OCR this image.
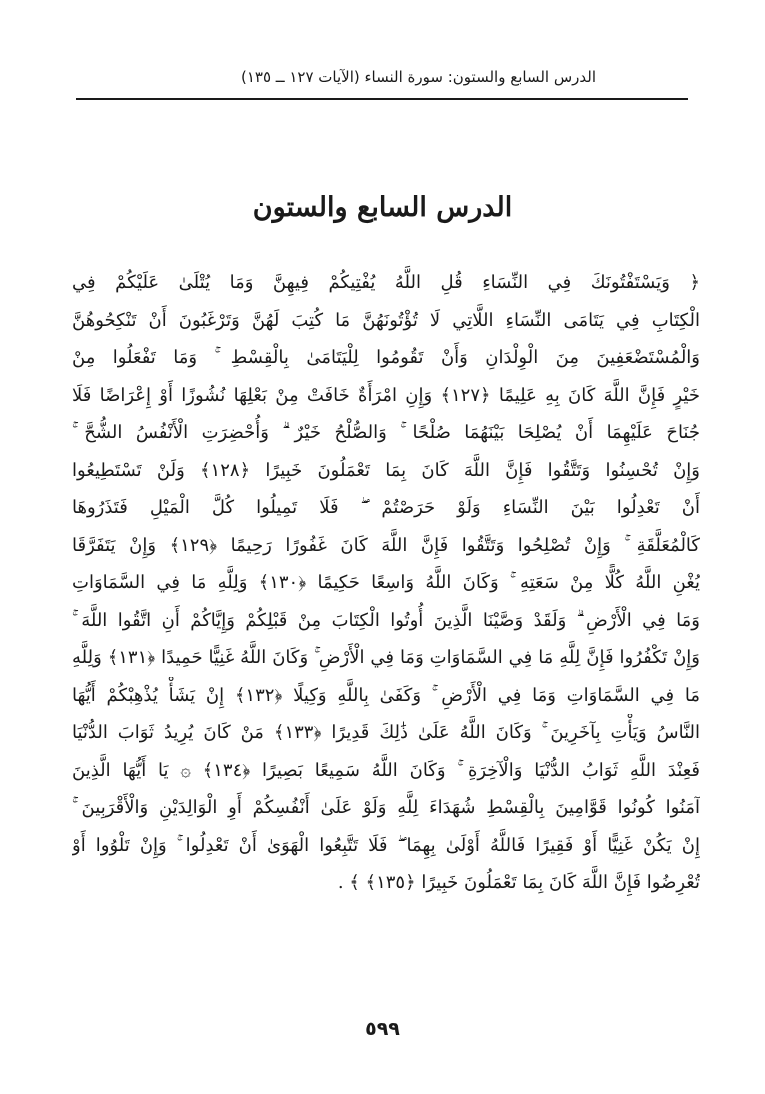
الدرس السابع والستون: سورة النساء (الآيات ١٢٧ ــ ١٣٥)
الدرس السابع والستون
﴿ وَيَسْتَفْتُونَكَ فِي النِّسَاءِ قُلِ اللَّهُ يُفْتِيكُمْ فِيهِنَّ وَمَا يُتْلَىٰ عَلَيْكُمْ فِي
الْكِتَابِ فِي يَتَامَى النِّسَاءِ اللَّاتِي لَا تُؤْتُونَهُنَّ مَا كُتِبَ لَهُنَّ وَتَرْغَبُونَ أَنْ تَنْكِحُوهُنَّ
وَالْمُسْتَضْعَفِينَ مِنَ الْوِلْدَانِ وَأَنْ تَقُومُوا لِلْيَتَامَىٰ بِالْقِسْطِ ۚ وَمَا تَفْعَلُوا مِنْ
خَيْرٍ فَإِنَّ اللَّهَ كَانَ بِهِ عَلِيمًا ﴿١٢٧﴾ وَإِنِ امْرَأَةٌ خَافَتْ مِنْ بَعْلِهَا نُشُوزًا أَوْ إِعْرَاضًا فَلَا
جُنَاحَ عَلَيْهِمَا أَنْ يُصْلِحَا بَيْنَهُمَا صُلْحًا ۚ وَالصُّلْحُ خَيْرٌ ۗ وَأُحْضِرَتِ الْأَنْفُسُ الشُّحَّ ۚ
وَإِنْ تُحْسِنُوا وَتَتَّقُوا فَإِنَّ اللَّهَ كَانَ بِمَا تَعْمَلُونَ خَبِيرًا ﴿١٢٨﴾ وَلَنْ تَسْتَطِيعُوا
أَنْ تَعْدِلُوا بَيْنَ النِّسَاءِ وَلَوْ حَرَصْتُمْ ۖ فَلَا تَمِيلُوا كُلَّ الْمَيْلِ فَتَذَرُوهَا
كَالْمُعَلَّقَةِ ۚ وَإِنْ تُصْلِحُوا وَتَتَّقُوا فَإِنَّ اللَّهَ كَانَ غَفُورًا رَحِيمًا ﴿١٢٩﴾ وَإِنْ يَتَفَرَّقَا
يُغْنِ اللَّهُ كُلًّا مِنْ سَعَتِهِ ۚ وَكَانَ اللَّهُ وَاسِعًا حَكِيمًا ﴿١٣٠﴾ وَلِلَّهِ مَا فِي السَّمَاوَاتِ
وَمَا فِي الْأَرْضِ ۗ وَلَقَدْ وَصَّيْنَا الَّذِينَ أُوتُوا الْكِتَابَ مِنْ قَبْلِكُمْ وَإِيَّاكُمْ أَنِ اتَّقُوا اللَّهَ ۚ
وَإِنْ تَكْفُرُوا فَإِنَّ لِلَّهِ مَا فِي السَّمَاوَاتِ وَمَا فِي الْأَرْضِ ۚ وَكَانَ اللَّهُ غَنِيًّا حَمِيدًا ﴿١٣١﴾ وَلِلَّهِ
مَا فِي السَّمَاوَاتِ وَمَا فِي الْأَرْضِ ۚ وَكَفَىٰ بِاللَّهِ وَكِيلًا ﴿١٣٢﴾ إِنْ يَشَأْ يُذْهِبْكُمْ أَيُّهَا
النَّاسُ وَيَأْتِ بِآخَرِينَ ۚ وَكَانَ اللَّهُ عَلَىٰ ذَٰلِكَ قَدِيرًا ﴿١٣٣﴾ مَنْ كَانَ يُرِيدُ ثَوَابَ الدُّنْيَا
فَعِنْدَ اللَّهِ ثَوَابُ الدُّنْيَا وَالْآخِرَةِ ۚ وَكَانَ اللَّهُ سَمِيعًا بَصِيرًا ﴿١٣٤﴾ ۞ يَا أَيُّهَا الَّذِينَ
آمَنُوا كُونُوا قَوَّامِينَ بِالْقِسْطِ شُهَدَاءَ لِلَّهِ وَلَوْ عَلَىٰ أَنْفُسِكُمْ أَوِ الْوَالِدَيْنِ وَالْأَقْرَبِينَ ۚ
إِنْ يَكُنْ غَنِيًّا أَوْ فَقِيرًا فَاللَّهُ أَوْلَىٰ بِهِمَا ۖ فَلَا تَتَّبِعُوا الْهَوَىٰ أَنْ تَعْدِلُوا ۚ وَإِنْ تَلْوُوا أَوْ
تُعْرِضُوا فَإِنَّ اللَّهَ كَانَ بِمَا تَعْمَلُونَ خَبِيرًا ﴿١٣٥﴾ ﴾ .
٥٩٩
